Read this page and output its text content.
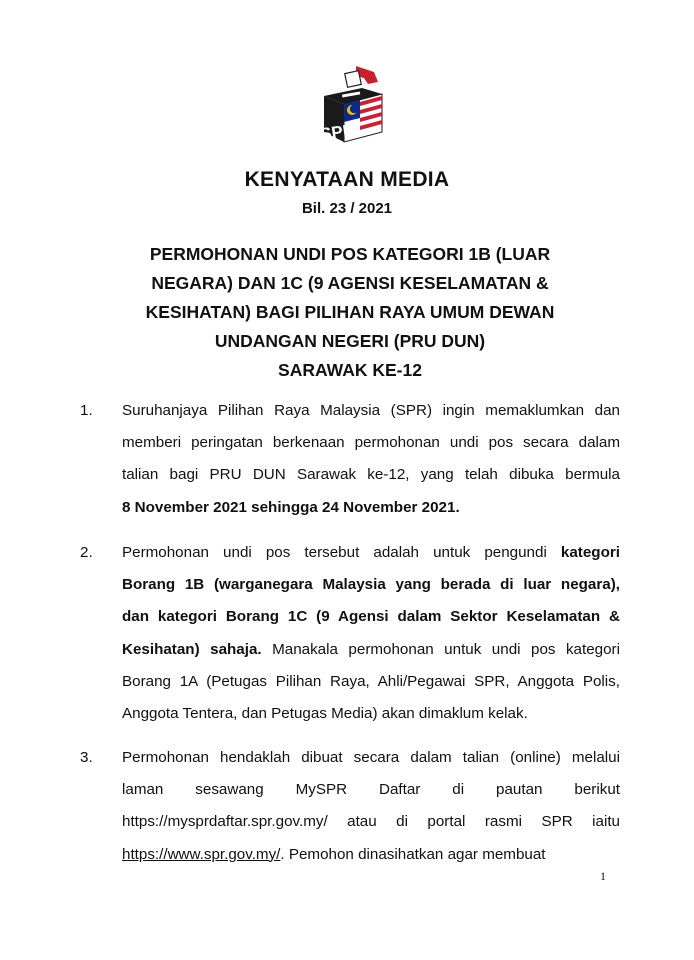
SPR
KENYATAAN MEDIA
Bil. 23 / 2021
PERMOHONAN UNDI POS KATEGORI 1B (LUAR
NEGARA) DAN 1C (9 AGENSI KESELAMATAN &
KESIHATAN) BAGI PILIHAN RAYA UMUM DEWAN
UNDANGAN NEGERI (PRU DUN)
SARAWAK KE-12
1. Suruhanjaya Pilihan Raya Malaysia (SPR) ingin memaklumkan dan
memberi peringatan berkenaan permohonan undi pos secara dalam
talian bagi PRU DUN Sarawak ke-12, yang telah dibuka bermula
8 November 2021 sehingga 24 November 2021.
2. Permohonan undi pos tersebut adalah untuk pengundi kategori
Borang 1B (warganegara Malaysia yang berada di luar negara),
dan kategori Borang 1C (9 Agensi dalam Sektor Keselamatan &
Kesihatan) sahaja. Manakala permohonan untuk undi pos kategori
Borang 1A (Petugas Pilihan Raya, Ahli/Pegawai SPR, Anggota Polis,
Anggota Tentera, dan Petugas Media) akan dimaklum kelak.
3. Permohonan hendaklah dibuat secara dalam talian (online) melalui
laman sesawang MySPR Daftar di pautan berikut
https://mysprdaftar.spr.gov.my/ atau di portal rasmi SPR iaitu
https://www.spr.gov.my/. Pemohon dinasihatkan agar membuat
1
